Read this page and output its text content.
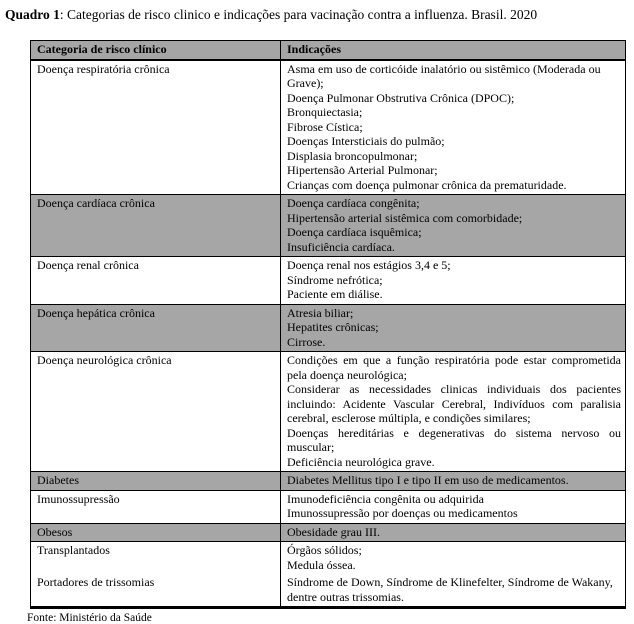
Quadro 1: Categorias de risco clinico e indicações para vacinação contra a influenza. Brasil. 2020

Categoria de risco clínico	Indicações
Doença respiratória crônica	Asma em uso de corticóide inalatório ou sistêmico (Moderada ou Grave);
Doença Pulmonar Obstrutiva Crônica (DPOC);
Bronquiectasia;
Fibrose Cística;
Doenças Intersticiais do pulmão;
Displasia broncopulmonar;
Hipertensão Arterial Pulmonar;
Crianças com doença pulmonar crônica da prematuridade.

Doença cardíaca crônica	Doença cardíaca congênita;
Hipertensão arterial sistêmica com comorbidade;
Doença cardíaca isquêmica;
Insuficiência cardíaca.

Doença renal crônica	Doença renal nos estágios 3,4 e 5;
Síndrome nefrótica;
Paciente em diálise.

Doença hepática crônica	Atresia biliar;
Hepatites crônicas;
Cirrose.

Doença neurológica crônica	Condições em que a função respiratória pode estar comprometida pela doença neurológica;
Considerar as necessidades clinicas individuais dos pacientes incluindo: Acidente Vascular Cerebral, Indivíduos com paralisia cerebral, esclerose múltipla, e condições similares;
Doenças hereditárias e degenerativas do sistema nervoso ou muscular;
Deficiência neurológica grave.

Diabetes	Diabetes Mellitus tipo I e tipo II em uso de medicamentos.

Imunossupressão	Imunodeficiência congênita ou adquirida
Imunossupressão por doenças ou medicamentos

Obesos	Obesidade grau III.

Transplantados	Órgãos sólidos;
Medula óssea.

Portadores de trissomias	Síndrome de Down, Síndrome de Klinefelter, Síndrome de Wakany, dentre outras trissomias.

Fonte: Ministério da Saúde
